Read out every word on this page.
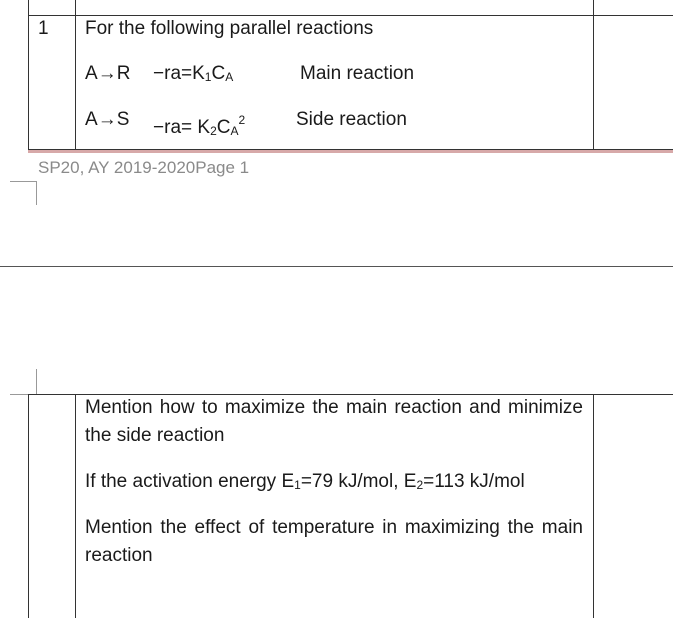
1 For the following parallel reactions
$A\to R -ra=K_1C_A$	Main reaction
$A\to S -ra= K_2C_A^2$	Side reaction
SP20, AY 2019-2020Page 1
Mention how to maximize the main reaction and minimize the side reaction
If the activation energy $E_1=79$ kJ/mol, $E_2=113$ kJ/mol
Mention the effect of temperature in maximizing the main reaction
